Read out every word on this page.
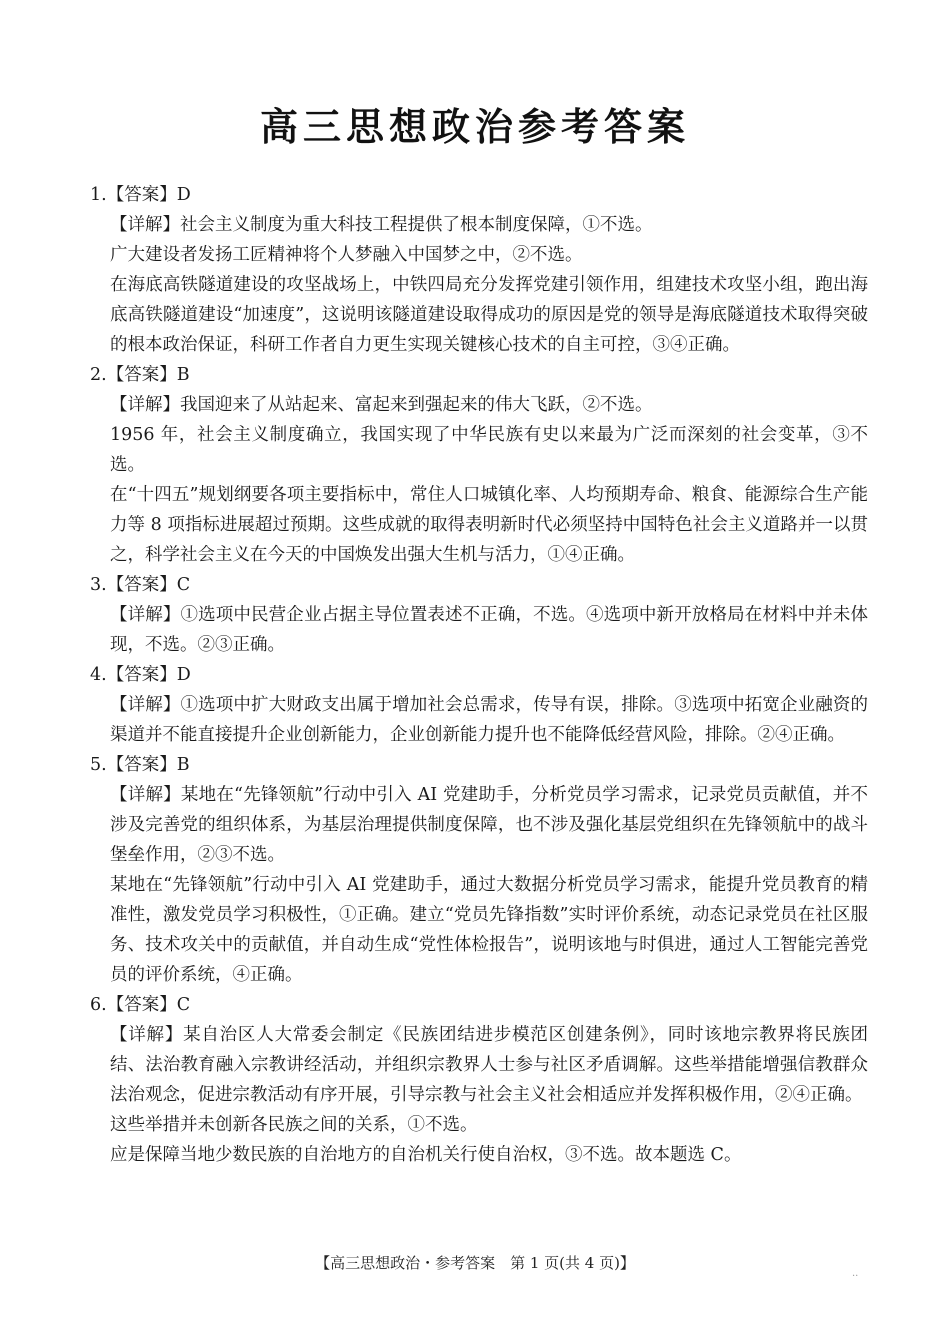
高三思想政治参考答案
1.【答案】D
【详解】社会主义制度为重大科技工程提供了根本制度保障，①不选。
广大建设者发扬工匠精神将个人梦融入中国梦之中，②不选。
在海底高铁隧道建设的攻坚战场上，中铁四局充分发挥党建引领作用，组建技术攻坚小组，跑出海底高铁隧道建设“加速度”，这说明该隧道建设取得成功的原因是党的领导是海底隧道技术取得突破的根本政治保证，科研工作者自力更生实现关键核心技术的自主可控，③④正确。
2.【答案】B
【详解】我国迎来了从站起来、富起来到强起来的伟大飞跃，②不选。
1956 年，社会主义制度确立，我国实现了中华民族有史以来最为广泛而深刻的社会变革，③不选。
在“十四五”规划纲要各项主要指标中，常住人口城镇化率、人均预期寿命、粮食、能源综合生产能力等 8 项指标进展超过预期。这些成就的取得表明新时代必须坚持中国特色社会主义道路并一以贯之，科学社会主义在今天的中国焕发出强大生机与活力，①④正确。
3.【答案】C
【详解】①选项中民营企业占据主导位置表述不正确，不选。④选项中新开放格局在材料中并未体现，不选。②③正确。
4.【答案】D
【详解】①选项中扩大财政支出属于增加社会总需求，传导有误，排除。③选项中拓宽企业融资的渠道并不能直接提升企业创新能力，企业创新能力提升也不能降低经营风险，排除。②④正确。
5.【答案】B
【详解】某地在“先锋领航”行动中引入 AI 党建助手，分析党员学习需求，记录党员贡献值，并不涉及完善党的组织体系，为基层治理提供制度保障，也不涉及强化基层党组织在先锋领航中的战斗堡垒作用，②③不选。
某地在“先锋领航”行动中引入 AI 党建助手，通过大数据分析党员学习需求，能提升党员教育的精准性，激发党员学习积极性，①正确。建立“党员先锋指数”实时评价系统，动态记录党员在社区服务、技术攻关中的贡献值，并自动生成“党性体检报告”，说明该地与时俱进，通过人工智能完善党员的评价系统，④正确。
6.【答案】C
【详解】某自治区人大常委会制定《民族团结进步模范区创建条例》，同时该地宗教界将民族团结、法治教育融入宗教讲经活动，并组织宗教界人士参与社区矛盾调解。这些举措能增强信教群众法治观念，促进宗教活动有序开展，引导宗教与社会主义社会相适应并发挥积极作用，②④正确。
这些举措并未创新各民族之间的关系，①不选。
应是保障当地少数民族的自治地方的自治机关行使自治权，③不选。故本题选 C。
【高三思想政治・参考答案　第 1 页(共 4 页)】
..
